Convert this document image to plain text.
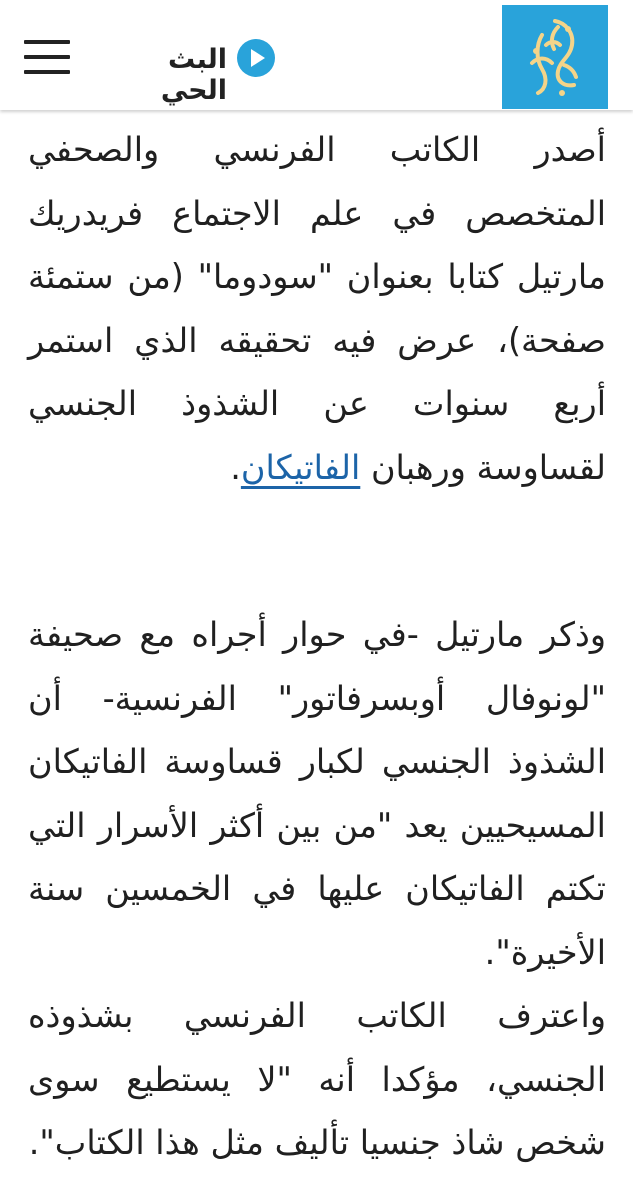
البث الحي

أصدر الكاتب الفرنسي والصحفي المتخصص في علم الاجتماع فريدريك مارتيل كتابا بعنوان "سودوما" (من ستمئة صفحة)، عرض فيه تحقيقه الذي استمر أربع سنوات عن الشذوذ الجنسي لقساوسة ورهبان الفاتيكان.

وذكر مارتيل -في حوار أجراه مع صحيفة "لونوفال أوبسرفاتور" الفرنسية- أن الشذوذ الجنسي لكبار قساوسة الفاتيكان المسيحيين يعد "من بين أكثر الأسرار التي تكتم الفاتيكان عليها في الخمسين سنة الأخيرة".

واعترف الكاتب الفرنسي بشذوذه الجنسي، مؤكدا أنه "لا يستطيع سوى شخص شاذ جنسيا تأليف مثل هذا الكتاب".
